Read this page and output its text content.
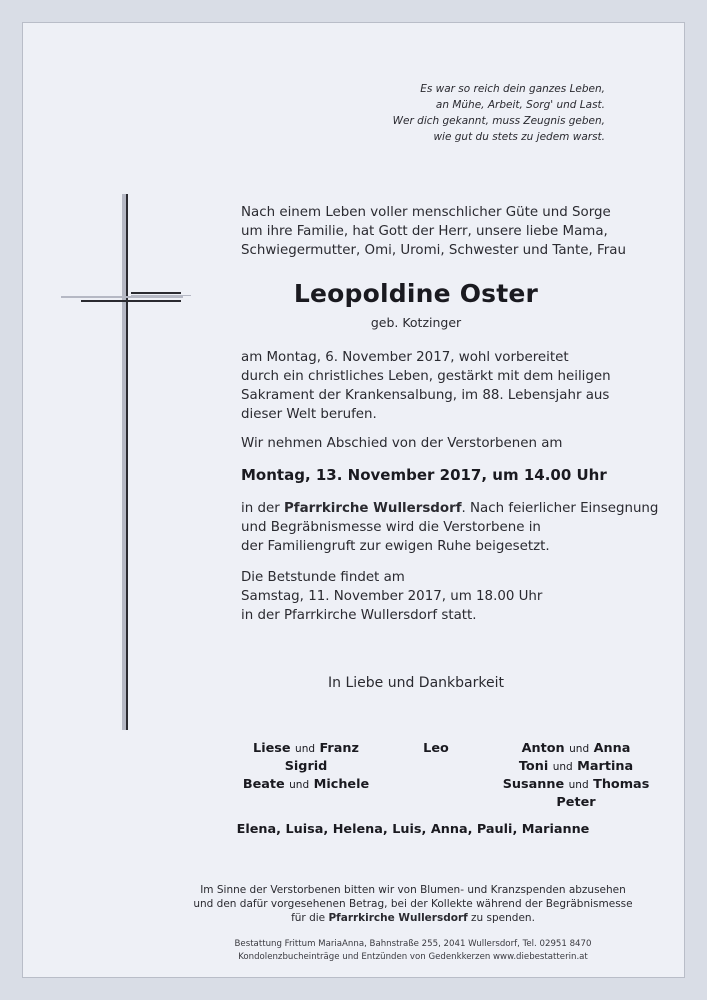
Es war so reich dein ganzes Leben,
an Mühe, Arbeit, Sorg' und Last.
Wer dich gekannt, muss Zeugnis geben,
wie gut du stets zu jedem warst.
Nach einem Leben voller menschlicher Güte und Sorge
um ihre Familie, hat Gott der Herr, unsere liebe Mama,
Schwiegermutter, Omi, Uromi, Schwester und Tante, Frau
Leopoldine Oster
geb. Kotzinger
am Montag, 6. November 2017, wohl vorbereitet
durch ein christliches Leben, gestärkt mit dem heiligen
Sakrament der Krankensalbung, im 88. Lebensjahr aus
dieser Welt berufen.
Wir nehmen Abschied von der Verstorbenen am
Montag, 13. November 2017, um 14.00 Uhr
in der Pfarrkirche Wullersdorf. Nach feierlicher Einsegnung
und Begräbnismesse wird die Verstorbene in
der Familiengruft zur ewigen Ruhe beigesetzt.
Die Betstunde findet am
Samstag, 11. November 2017, um 18.00 Uhr
in der Pfarrkirche Wullersdorf statt.
In Liebe und Dankbarkeit
Liese und Franz
Sigrid
Beate und Michele
Leo	Anton und Anna
Toni und Martina
Susanne und Thomas
Peter
Elena, Luisa, Helena, Luis, Anna, Pauli, Marianne
Im Sinne der Verstorbenen bitten wir von Blumen- und Kranzspenden abzusehen
und den dafür vorgesehenen Betrag, bei der Kollekte während der Begräbnismesse
für die Pfarrkirche Wullersdorf zu spenden.
Bestattung Frittum MariaAnna, Bahnstraße 255, 2041 Wullersdorf, Tel. 02951 8470
Kondolenzbucheinträge und Entzünden von Gedenkkerzen www.diebestatterin.at
